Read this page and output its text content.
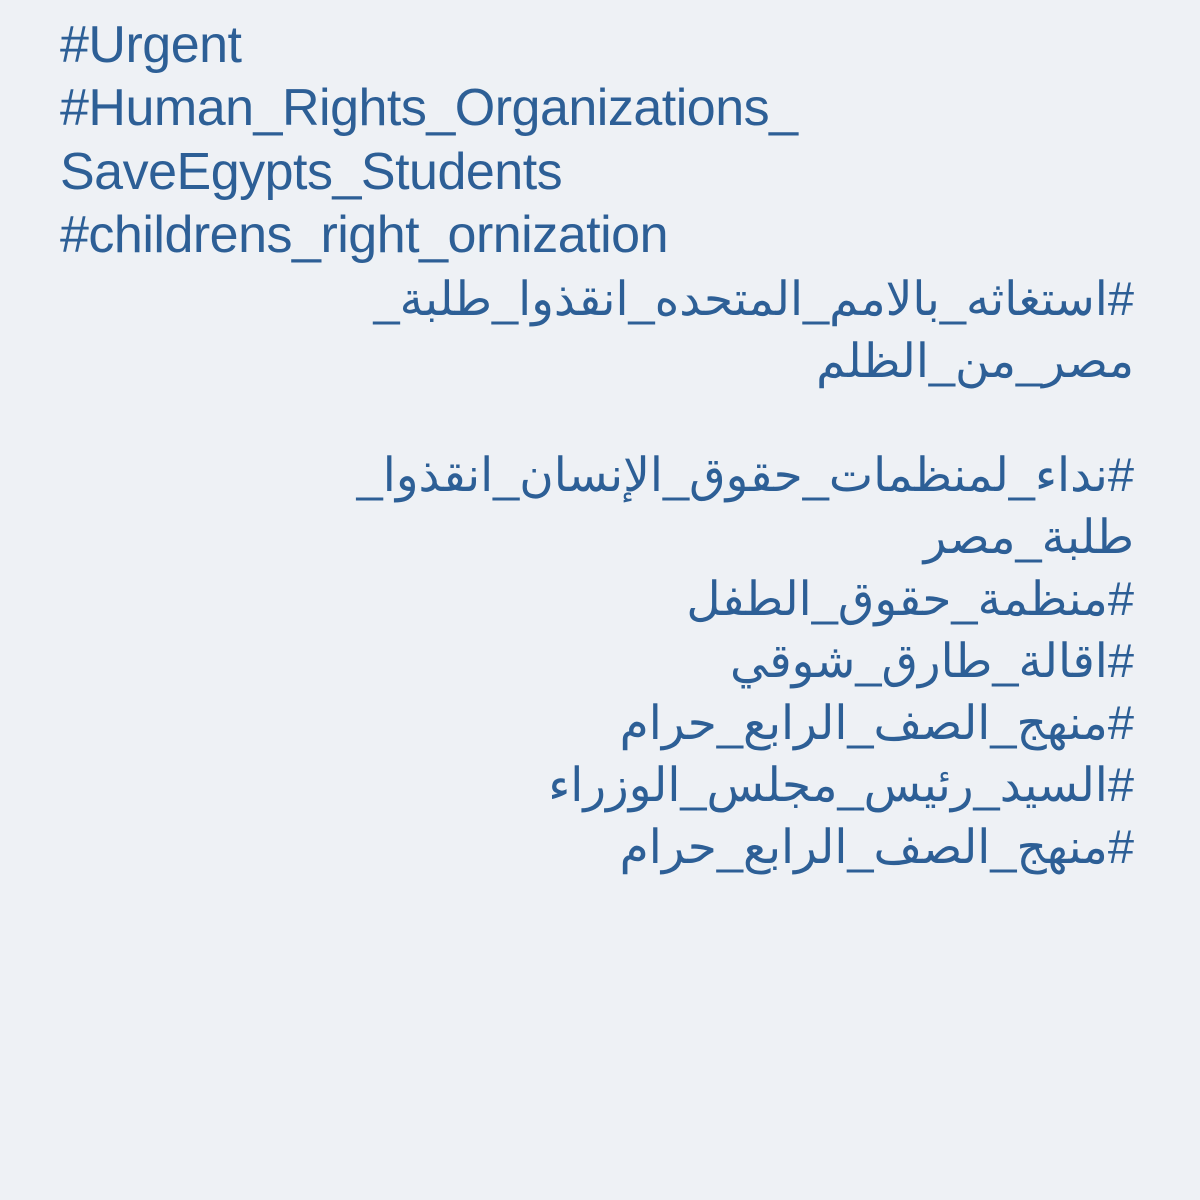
#Urgent
#Human_Rights_Organizations_
SaveEgypts_Students
#childrens_right_ornization
#استغاثه_بالامم_المتحده_انقذوا_طلبة_
مصر_من_الظلم
#نداء_لمنظمات_حقوق_الإنسان_انقذوا_
طلبة_مصر
#منظمة_حقوق_الطفل
#اقالة_طارق_شوقي
#منهج_الصف_الرابع_حرام
#السيد_رئيس_مجلس_الوزراء
#منهج_الصف_الرابع_حرام
